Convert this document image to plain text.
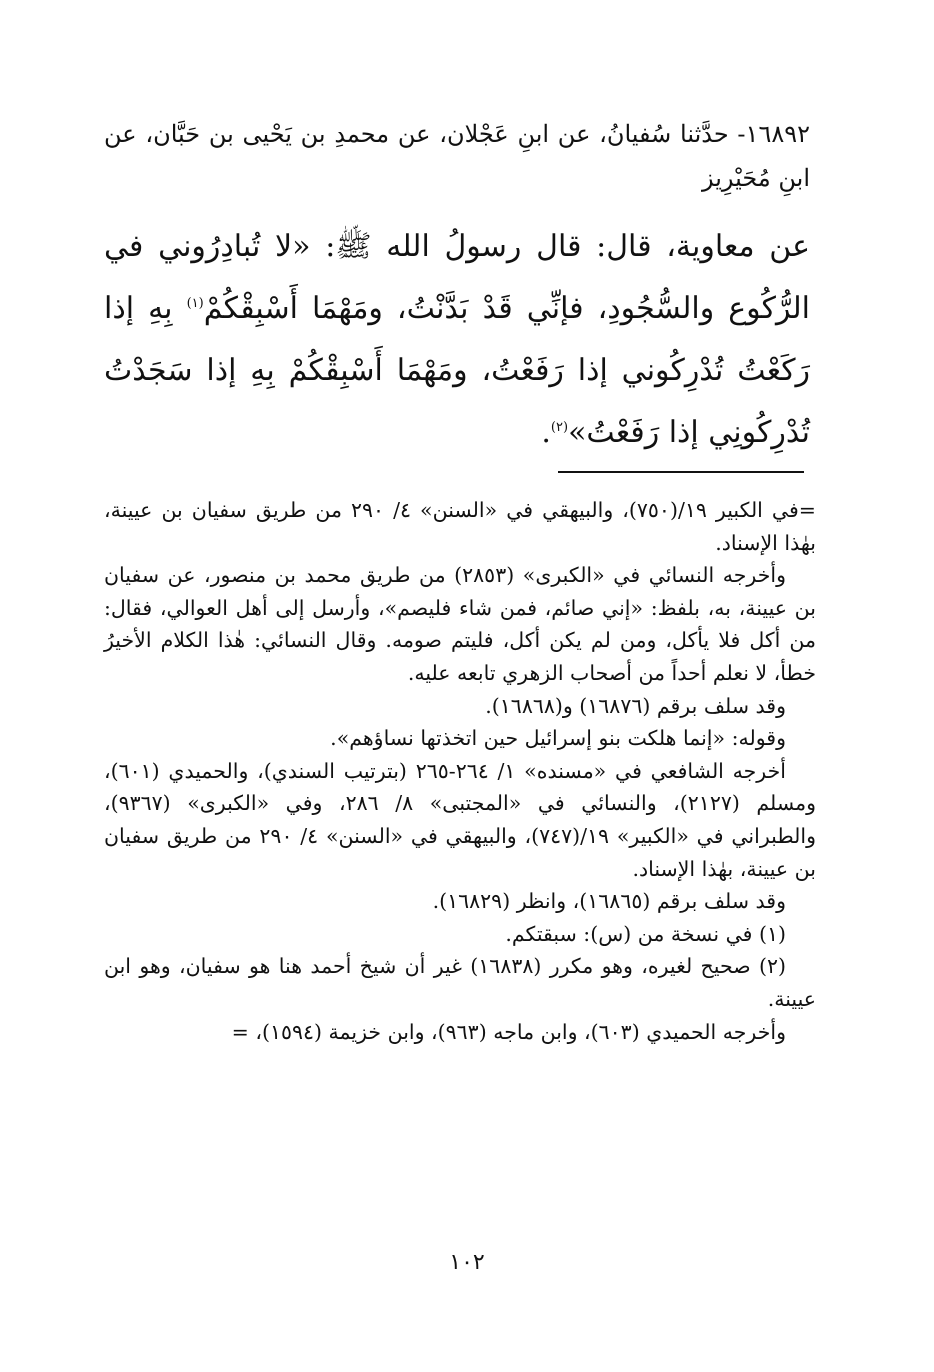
١٦٨٩٢- حدَّثنا سُفيانُ، عن ابنِ عَجْلان، عن محمدِ بن يَحْيى بن حَبَّان، عن ابنِ مُحَيْرِيز

عن معاوية، قال: قال رسولُ الله ﷺ: «لا تُبادِرُوني في الرُّكُوع والسُّجُودِ، فإنِّي قَدْ بَدَّنْتُ، ومَهْمَا أَسْبِقْكُمْ$^{(١)}$ بِهِ إذا رَكَعْتُ تُدْرِكُوني إذا رَفَعْتُ، ومَهْمَا أَسْبِقْكُمْ بِهِ إذا سَجَدْتُ تُدْرِكُونِي إذا رَفَعْتُ»$^{(٢)}$.

=في الكبير ١٩/(٧٥٠)، والبيهقي في «السنن» ٤/ ٢٩٠ من طريق سفيان بن عيينة، بهٰذا الإسناد.

وأخرجه النسائي في «الكبرى» (٢٨٥٣) من طريق محمد بن منصور، عن سفيان بن عيينة، به، بلفظ: «إني صائم، فمن شاء فليصم»، وأرسل إلى أهل العوالي، فقال: من أكل فلا يأكل، ومن لم يكن أكل، فليتم صومه. وقال النسائي: هٰذا الكلام الأخيرُ خطأ، لا نعلم أحداً من أصحاب الزهري تابعه عليه.

وقد سلف برقم (١٦٨٧٦) و(١٦٨٦٨).

وقوله: «إنما هلكت بنو إسرائيل حين اتخذتها نساؤهم».

أخرجه الشافعي في «مسنده» ١/ ٢٦٤-٢٦٥ (بترتيب السندي)، والحميدي (٦٠١)، ومسلم (٢١٢٧)، والنسائي في «المجتبى» ٨/ ٢٨٦، وفي «الكبرى» (٩٣٦٧)، والطبراني في «الكبير» ١٩/(٧٤٧)، والبيهقي في «السنن» ٤/ ٢٩٠ من طريق سفيان بن عيينة، بهٰذا الإسناد.

وقد سلف برقم (١٦٨٦٥)، وانظر (١٦٨٢٩).

(١) في نسخة من (س): سبقتكم.

(٢) صحيح لغيره، وهو مكرر (١٦٨٣٨) غير أن شيخ أحمد هنا هو سفيان، وهو ابن عيينة.

وأخرجه الحميدي (٦٠٣)، وابن ماجه (٩٦٣)، وابن خزيمة (١٥٩٤)، =

١٠٢
